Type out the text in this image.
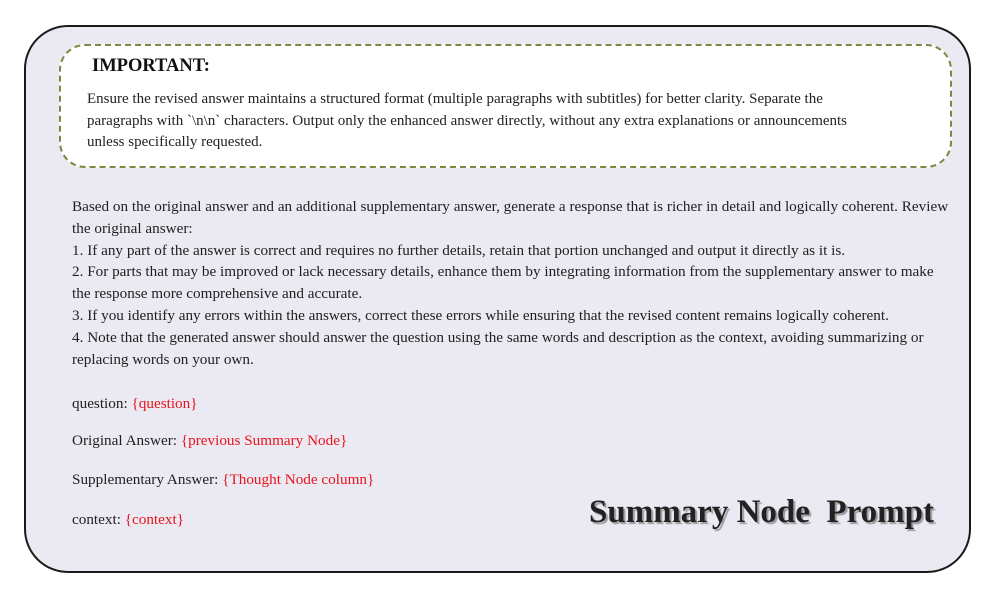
IMPORTANT:

Ensure the revised answer maintains a structured format (multiple paragraphs with subtitles) for better clarity. Separate the paragraphs with `\n\n` characters. Output only the enhanced answer directly, without any extra explanations or announcements unless specifically requested.

Based on the original answer and an additional supplementary answer, generate a response that is richer in detail and logically coherent. Review the original answer:
1. If any part of the answer is correct and requires no further details, retain that portion unchanged and output it directly as it is.
2. For parts that may be improved or lack necessary details, enhance them by integrating information from the supplementary answer to make the response more comprehensive and accurate.
3. If you identify any errors within the answers, correct these errors while ensuring that the revised content remains logically coherent.
4. Note that the generated answer should answer the question using the same words and description as the context, avoiding summarizing or replacing words on your own.
question: {question}
Original Answer: {previous Summary Node}
Supplementary Answer: {Thought Node column}
context: {context}	Summary Node  Prompt
